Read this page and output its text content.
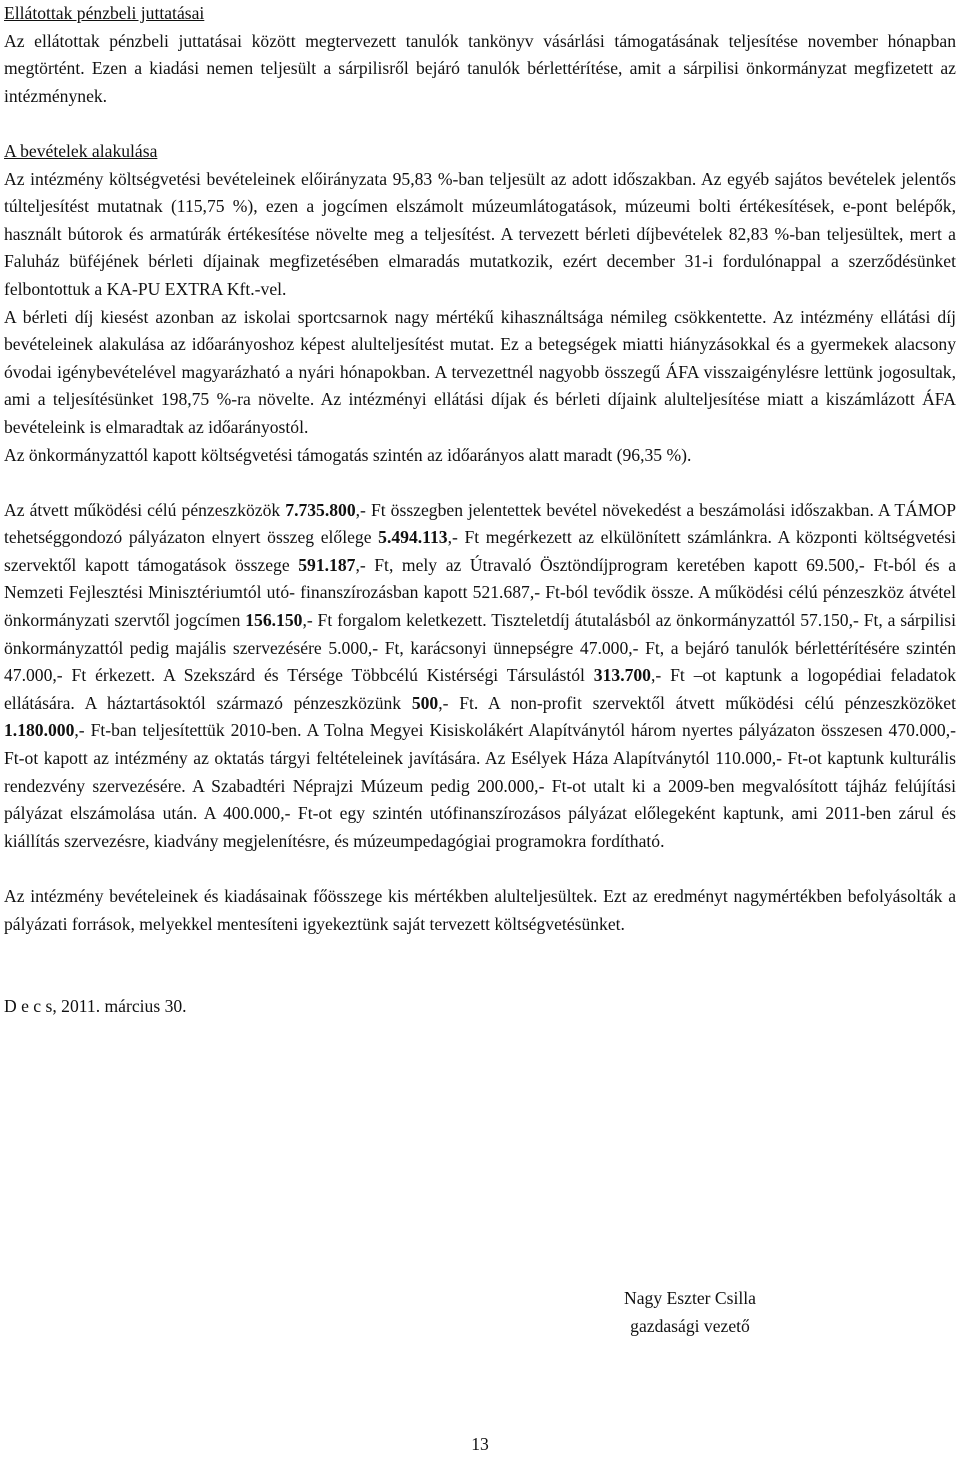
Ellátottak pénzbeli juttatásai

Az ellátottak pénzbeli juttatásai között megtervezett tanulók tankönyv vásárlási támogatásának teljesítése november hónapban megtörtént. Ezen a kiadási nemen teljesült a sárpilisről bejáró tanulók bérlettérítése, amit a sárpilisi önkormányzat megfizetett az intézménynek.

A bevételek alakulása

Az intézmény költségvetési bevételeinek előirányzata 95,83 %-ban teljesült az adott időszakban. Az egyéb sajátos bevételek jelentős túlteljesítést mutatnak (115,75 %), ezen a jogcímen elszámolt múzeumlátogatások, múzeumi bolti értékesítések, e-pont belépők, használt bútorok és armatúrák értékesítése növelte meg a teljesítést. A tervezett bérleti díjbevételek 82,83 %-ban teljesültek, mert a Faluház büféjének bérleti díjainak megfizetésében elmaradás mutatkozik, ezért december 31-i fordulónappal a szerződésünket felbontottuk a KA-PU EXTRA Kft.-vel.

A bérleti díj kiesést azonban az iskolai sportcsarnok nagy mértékű kihasználtsága némileg csökkentette. Az intézmény ellátási díj bevételeinek alakulása az időarányoshoz képest alulteljesítést mutat. Ez a betegségek miatti hiányzásokkal és a gyermekek alacsony óvodai igénybevételével magyarázható a nyári hónapokban. A tervezettnél nagyobb összegű ÁFA visszaigénylésre lettünk jogosultak, ami a teljesítésünket 198,75 %-ra növelte. Az intézményi ellátási díjak és bérleti díjaink alulteljesítése miatt a kiszámlázott ÁFA bevételeink is elmaradtak az időarányostól.

Az önkormányzattól kapott költségvetési támogatás szintén az időarányos alatt maradt (96,35 %).

Az átvett működési célú pénzeszközök 7.735.800,- Ft összegben jelentettek bevétel növekedést a beszámolási időszakban. A TÁMOP tehetséggondozó pályázaton elnyert összeg előlege 5.494.113,- Ft megérkezett az elkülönített számlánkra. A központi költségvetési szervektől kapott támogatások összege 591.187,- Ft, mely az Útravaló Ösztöndíjprogram keretében kapott 69.500,- Ft-ból és a Nemzeti Fejlesztési Minisztériumtól utó- finanszírozásban kapott 521.687,- Ft-ból tevődik össze. A működési célú pénzeszköz átvétel önkormányzati szervtől jogcímen 156.150,- Ft forgalom keletkezett. Tiszteletdíj átutalásból az önkormányzattól 57.150,- Ft, a sárpilisi önkormányzattól pedig majális szervezésére 5.000,- Ft, karácsonyi ünnepségre 47.000,- Ft, a bejáró tanulók bérlettérítésére szintén 47.000,- Ft érkezett. A Szekszárd és Térsége Többcélú Kistérségi Társulástól 313.700,- Ft –ot kaptunk a logopédiai feladatok ellátására. A háztartásoktól származó pénzeszközünk 500,- Ft. A non-profit szervektől átvett működési célú pénzeszközöket 1.180.000,- Ft-ban teljesítettük 2010-ben. A Tolna Megyei Kisiskolákért Alapítványtól három nyertes pályázaton összesen 470.000,- Ft-ot kapott az intézmény az oktatás tárgyi feltételeinek javítására. Az Esélyek Háza Alapítványtól 110.000,- Ft-ot kaptunk kulturális rendezvény szervezésére. A Szabadtéri Néprajzi Múzeum pedig 200.000,- Ft-ot utalt ki a 2009-ben megvalósított tájház felújítási pályázat elszámolása után. A 400.000,- Ft-ot egy szintén utófinanszírozásos pályázat előlegeként kaptunk, ami 2011-ben zárul és kiállítás szervezésre, kiadvány megjelenítésre, és múzeumpedagógiai programokra fordítható.

Az intézmény bevételeinek és kiadásainak főösszege kis mértékben alulteljesültek. Ezt az eredményt nagymértékben befolyásolták a pályázati források, melyekkel mentesíteni igyekeztünk saját tervezett költségvetésünket.

D e c s, 2011. március 30.

Nagy Eszter Csilla
gazdasági vezető
13
